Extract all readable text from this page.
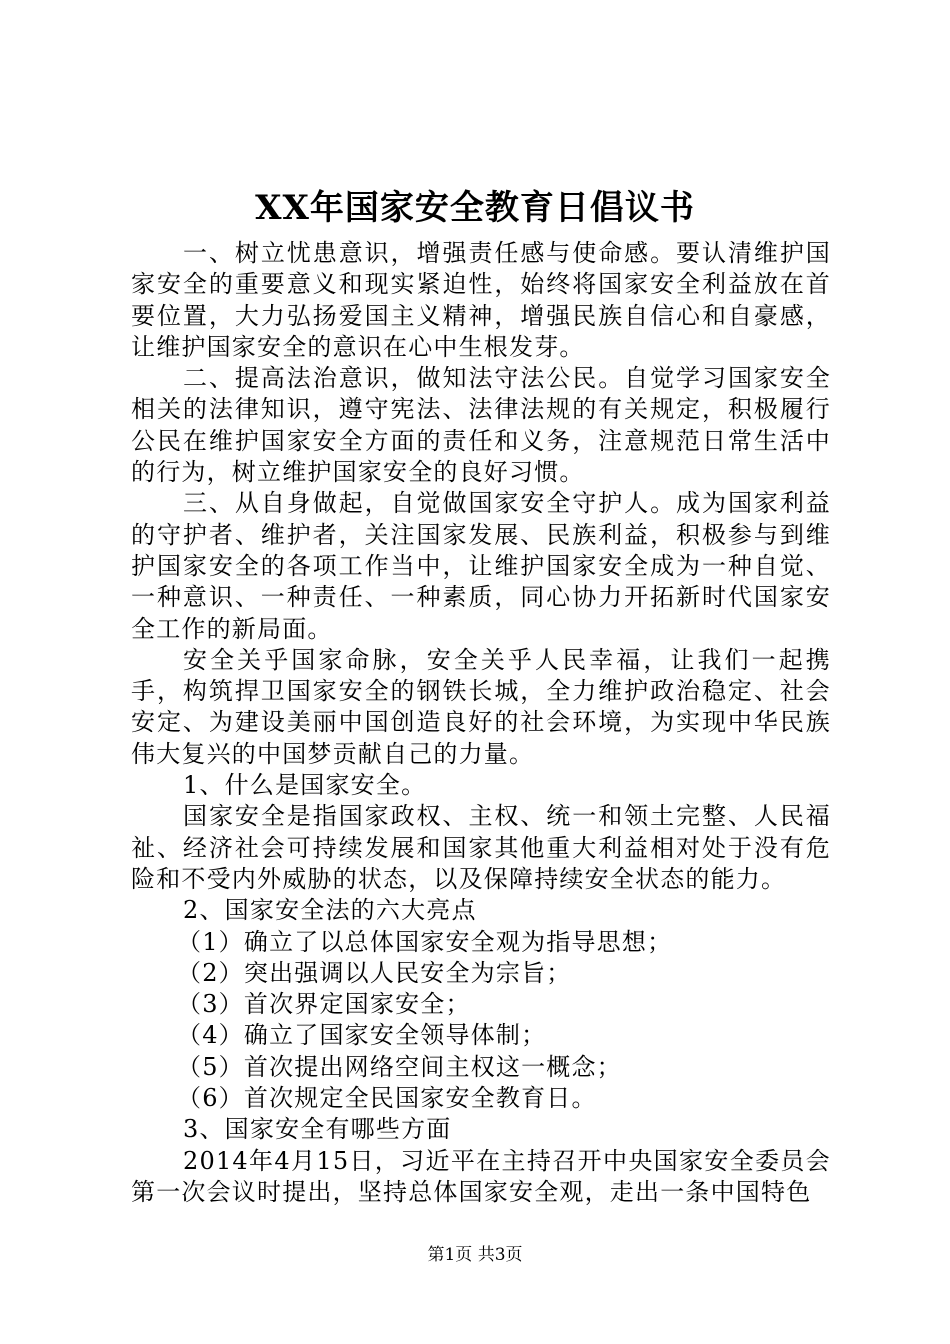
XX年国家安全教育日倡议书

一、树立忧患意识，增强责任感与使命感。要认清维护国家安全的重要意义和现实紧迫性，始终将国家安全利益放在首要位置，大力弘扬爱国主义精神，增强民族自信心和自豪感，让维护国家安全的意识在心中生根发芽。

二、提高法治意识，做知法守法公民。自觉学习国家安全相关的法律知识，遵守宪法、法律法规的有关规定，积极履行公民在维护国家安全方面的责任和义务，注意规范日常生活中的行为，树立维护国家安全的良好习惯。

三、从自身做起，自觉做国家安全守护人。成为国家利益的守护者、维护者，关注国家发展、民族利益，积极参与到维护国家安全的各项工作当中，让维护国家安全成为一种自觉、一种意识、一种责任、一种素质，同心协力开拓新时代国家安全工作的新局面。

安全关乎国家命脉，安全关乎人民幸福，让我们一起携手，构筑捍卫国家安全的钢铁长城，全力维护政治稳定、社会安定、为建设美丽中国创造良好的社会环境，为实现中华民族伟大复兴的中国梦贡献自己的力量。

1、什么是国家安全。

国家安全是指国家政权、主权、统一和领土完整、人民福祉、经济社会可持续发展和国家其他重大利益相对处于没有危险和不受内外威胁的状态，以及保障持续安全状态的能力。

2、国家安全法的六大亮点

（1）确立了以总体国家安全观为指导思想；

（2）突出强调以人民安全为宗旨；

（3）首次界定国家安全；

（4）确立了国家安全领导体制；

（5）首次提出网络空间主权这一概念；

（6）首次规定全民国家安全教育日。

3、国家安全有哪些方面

2014年4月15日，习近平在主持召开中央国家安全委员会第一次会议时提出，坚持总体国家安全观，走出一条中国特色

第1页 共3页
